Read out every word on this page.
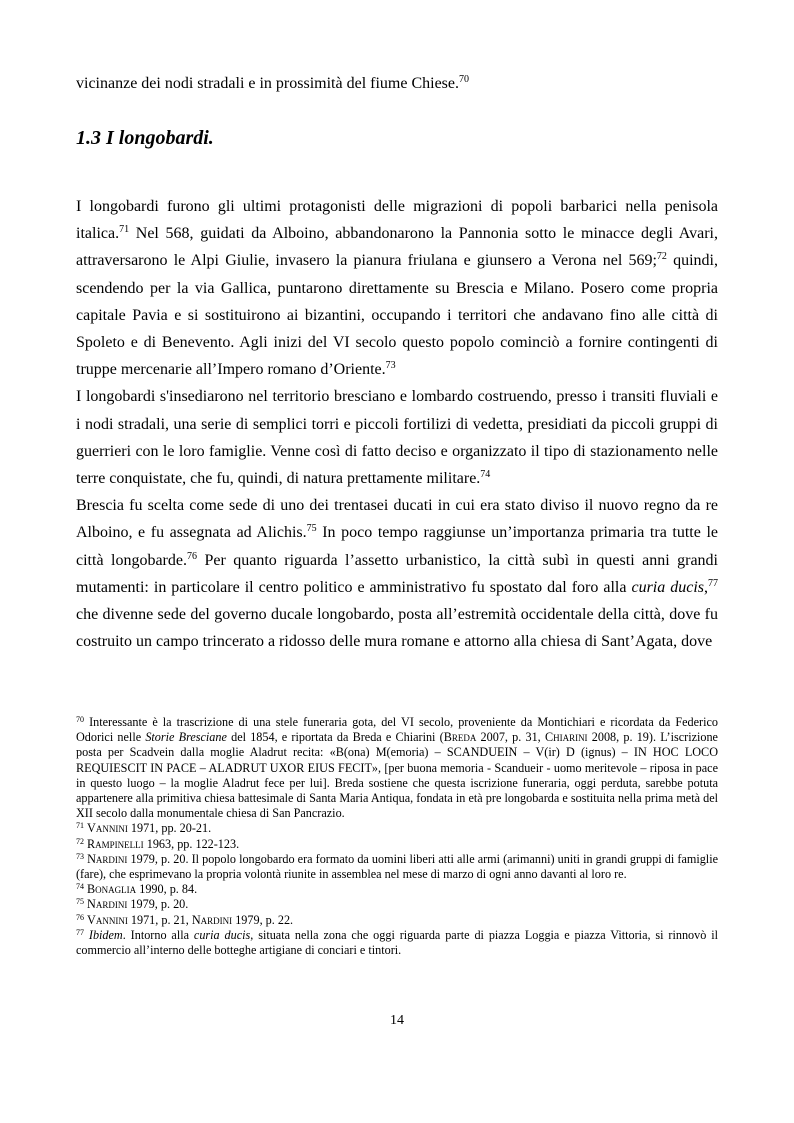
vicinanze dei nodi stradali e in prossimità del fiume Chiese.$^{70}$

1.3 I longobardi.

I longobardi furono gli ultimi protagonisti delle migrazioni di popoli barbarici nella penisola italica.$^{71}$ Nel 568, guidati da Alboino, abbandonarono la Pannonia sotto le minacce degli Avari, attraversarono le Alpi Giulie, invasero la pianura friulana e giunsero a Verona nel 569;$^{72}$ quindi, scendendo per la via Gallica, puntarono direttamente su Brescia e Milano. Posero come propria capitale Pavia e si sostituirono ai bizantini, occupando i territori che andavano fino alle città di Spoleto e di Benevento. Agli inizi del VI secolo questo popolo cominciò a fornire contingenti di truppe mercenarie all’Impero romano d’Oriente.$^{73}$

I longobardi s'insediarono nel territorio bresciano e lombardo costruendo, presso i transiti fluviali e i nodi stradali, una serie di semplici torri e piccoli fortilizi di vedetta, presidiati da piccoli gruppi di guerrieri con le loro famiglie. Venne così di fatto deciso e organizzato il tipo di stazionamento nelle terre conquistate, che fu, quindi, di natura prettamente militare.$^{74}$

Brescia fu scelta come sede di uno dei trentasei ducati in cui era stato diviso il nuovo regno da re Alboino, e fu assegnata ad Alichis.$^{75}$ In poco tempo raggiunse un’importanza primaria tra tutte le città longobarde.$^{76}$ Per quanto riguarda l’assetto urbanistico, la città subì in questi anni grandi mutamenti: in particolare il centro politico e amministrativo fu spostato dal foro alla curia ducis,$^{77}$ che divenne sede del governo ducale longobardo, posta all’estremità occidentale della città, dove fu costruito un campo trincerato a ridosso delle mura romane e attorno alla chiesa di Sant’Agata, dove

$^{70}$ Interessante è la trascrizione di una stele funeraria gota, del VI secolo, proveniente da Montichiari e ricordata da Federico Odorici nelle Storie Bresciane del 1854, e riportata da Breda e Chiarini (Breda 2007, p. 31, Chiarini 2008, p. 19). L’iscrizione posta per Scadvein dalla moglie Aladrut recita: «B(ona) M(emoria) – SCANDUEIN – V(ir) D (ignus) – IN HOC LOCO REQUIESCIT IN PACE – ALADRUT UXOR EIUS FECIT», [per buona memoria - Scandueir - uomo meritevole – riposa in pace in questo luogo – la moglie Aladrut fece per lui]. Breda sostiene che questa iscrizione funeraria, oggi perduta, sarebbe potuta appartenere alla primitiva chiesa battesimale di Santa Maria Antiqua, fondata in età pre longobarda e sostituita nella prima metà del XII secolo dalla monumentale chiesa di San Pancrazio.

$^{71}$ Vannini 1971, pp. 20-21.

$^{72}$ Rampinelli 1963, pp. 122-123.

$^{73}$ Nardini 1979, p. 20. Il popolo longobardo era formato da uomini liberi atti alle armi (arimanni) uniti in grandi gruppi di famiglie (fare), che esprimevano la propria volontà riunite in assemblea nel mese di marzo di ogni anno davanti al loro re.

$^{74}$ Bonaglia 1990, p. 84.

$^{75}$ Nardini 1979, p. 20.

$^{76}$ Vannini 1971, p. 21, Nardini 1979, p. 22.

$^{77}$ Ibidem. Intorno alla curia ducis, situata nella zona che oggi riguarda parte di piazza Loggia e piazza Vittoria, si rinnovò il commercio all’interno delle botteghe artigiane di conciari e tintori.

14
